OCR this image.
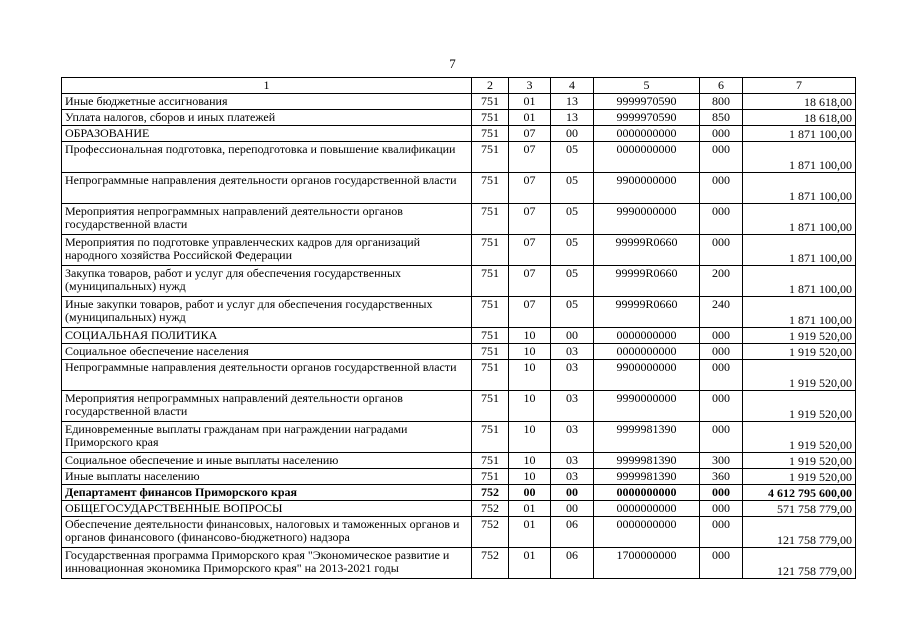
7
1	2	3	4	5	6	7
Иные бюджетные ассигнования	751	01	13	9999970590	800	18 618,00
Уплата налогов, сборов и иных платежей	751	01	13	9999970590	850	18 618,00
ОБРАЗОВАНИЕ	751	07	00	0000000000	000	1 871 100,00
Профессиональная подготовка, переподготовка и повышение квалификации	751	07	05	0000000000	000	1 871 100,00
Непрограммные направления деятельности органов государственной власти	751	07	05	9900000000	000	1 871 100,00
Мероприятия непрограммных направлений деятельности органов государственной власти	751	07	05	9990000000	000	1 871 100,00
Мероприятия по подготовке управленческих кадров для организаций народного хозяйства Российской Федерации	751	07	05	99999R0660	000	1 871 100,00
Закупка товаров, работ и услуг для обеспечения государственных (муниципальных) нужд	751	07	05	99999R0660	200	1 871 100,00
Иные закупки товаров, работ и услуг для обеспечения государственных (муниципальных) нужд	751	07	05	99999R0660	240	1 871 100,00
СОЦИАЛЬНАЯ ПОЛИТИКА	751	10	00	0000000000	000	1 919 520,00
Социальное обеспечение населения	751	10	03	0000000000	000	1 919 520,00
Непрограммные направления деятельности органов государственной власти	751	10	03	9900000000	000	1 919 520,00
Мероприятия непрограммных направлений деятельности органов государственной власти	751	10	03	9990000000	000	1 919 520,00
Единовременные выплаты гражданам при награждении наградами Приморского края	751	10	03	9999981390	000	1 919 520,00
Социальное обеспечение и иные выплаты населению	751	10	03	9999981390	300	1 919 520,00
Иные выплаты населению	751	10	03	9999981390	360	1 919 520,00
Департамент финансов Приморского края	752	00	00	0000000000	000	4 612 795 600,00
ОБЩЕГОСУДАРСТВЕННЫЕ ВОПРОСЫ	752	01	00	0000000000	000	571 758 779,00
Обеспечение деятельности финансовых, налоговых и таможенных органов и органов финансового (финансово-бюджетного) надзора	752	01	06	0000000000	000	121 758 779,00
Государственная программа Приморского края "Экономическое развитие и инновационная экономика Приморского края" на 2013-2021 годы	752	01	06	1700000000	000	121 758 779,00
